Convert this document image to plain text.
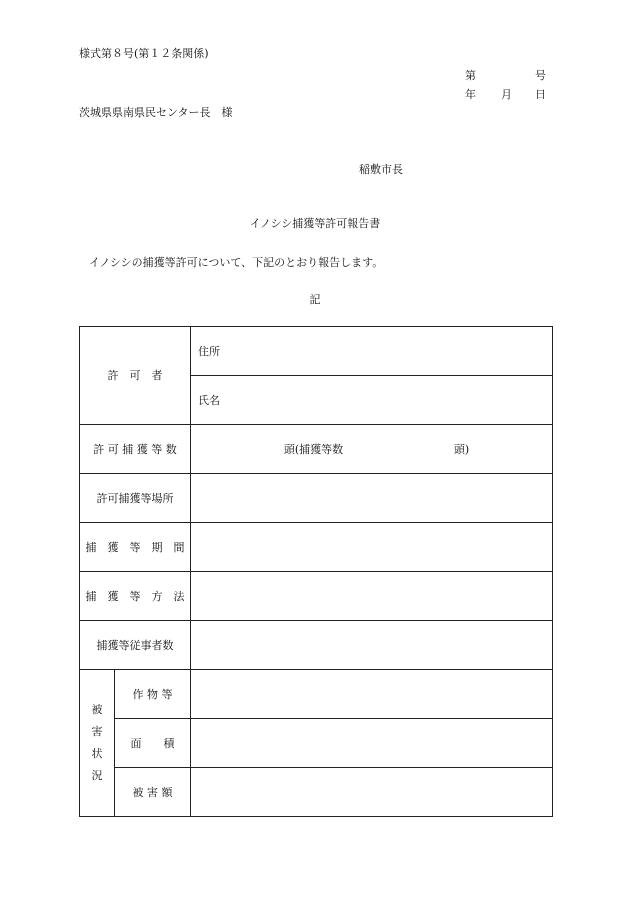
様式第８号(第１２条関係)
第	号
年 月 日
茨城県県南県民センター長　様
稲敷市長
イノシシ捕獲等許可報告書
イノシシの捕獲等許可について、下記のとおり報告します。
記
許　可　者		住所
		氏名
許 可 捕 獲 等 数		頭(捕獲等数 頭)
許可捕獲等場所		
捕　獲　等　期　間		
捕　獲　等　方　法		
捕獲等従事者数		

被
害
状
況	作 物 等	
	面　　積	
	被 害 額	
